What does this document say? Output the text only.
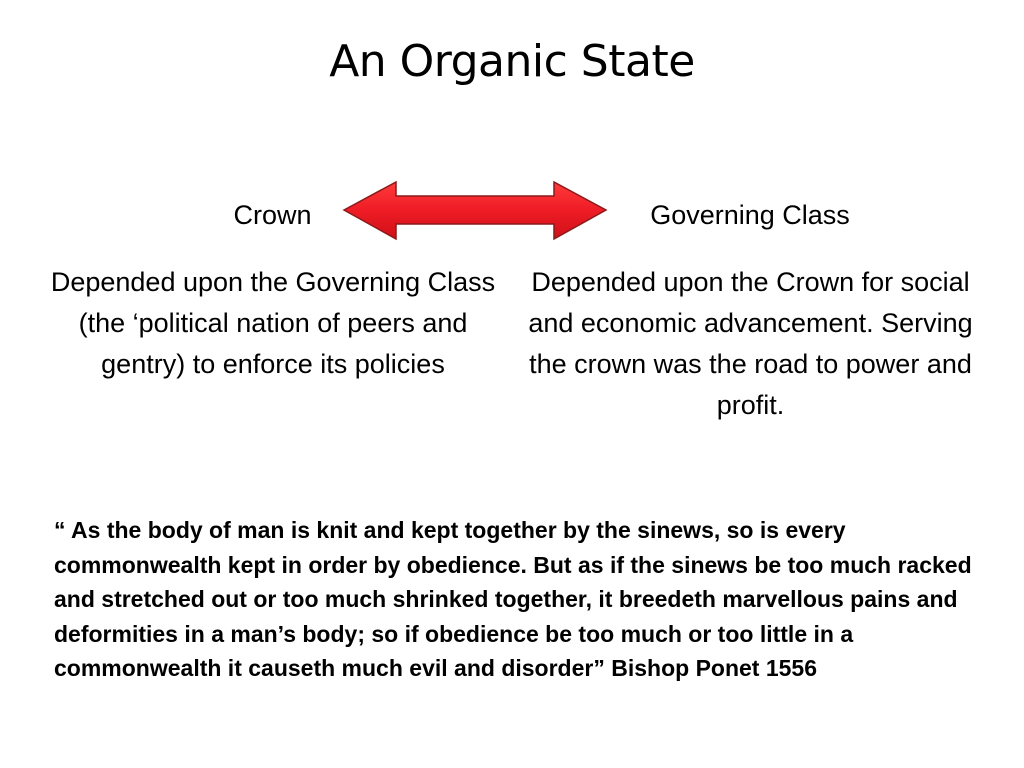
An Organic State
Crown	Governing Class
Depended upon the Governing Class (the ‘political nation of peers and gentry) to enforce its policies
Depended upon the Crown for social and economic advancement. Serving the crown was the road to power and profit.
“ As the body of man is knit and kept together by the sinews, so is every commonwealth kept in order by obedience. But as if the sinews be too much racked and stretched out or too much shrinked together, it breedeth marvellous pains and deformities in a man’s body; so if obedience be too much or too little in a commonwealth it causeth much evil and disorder” Bishop Ponet 1556
